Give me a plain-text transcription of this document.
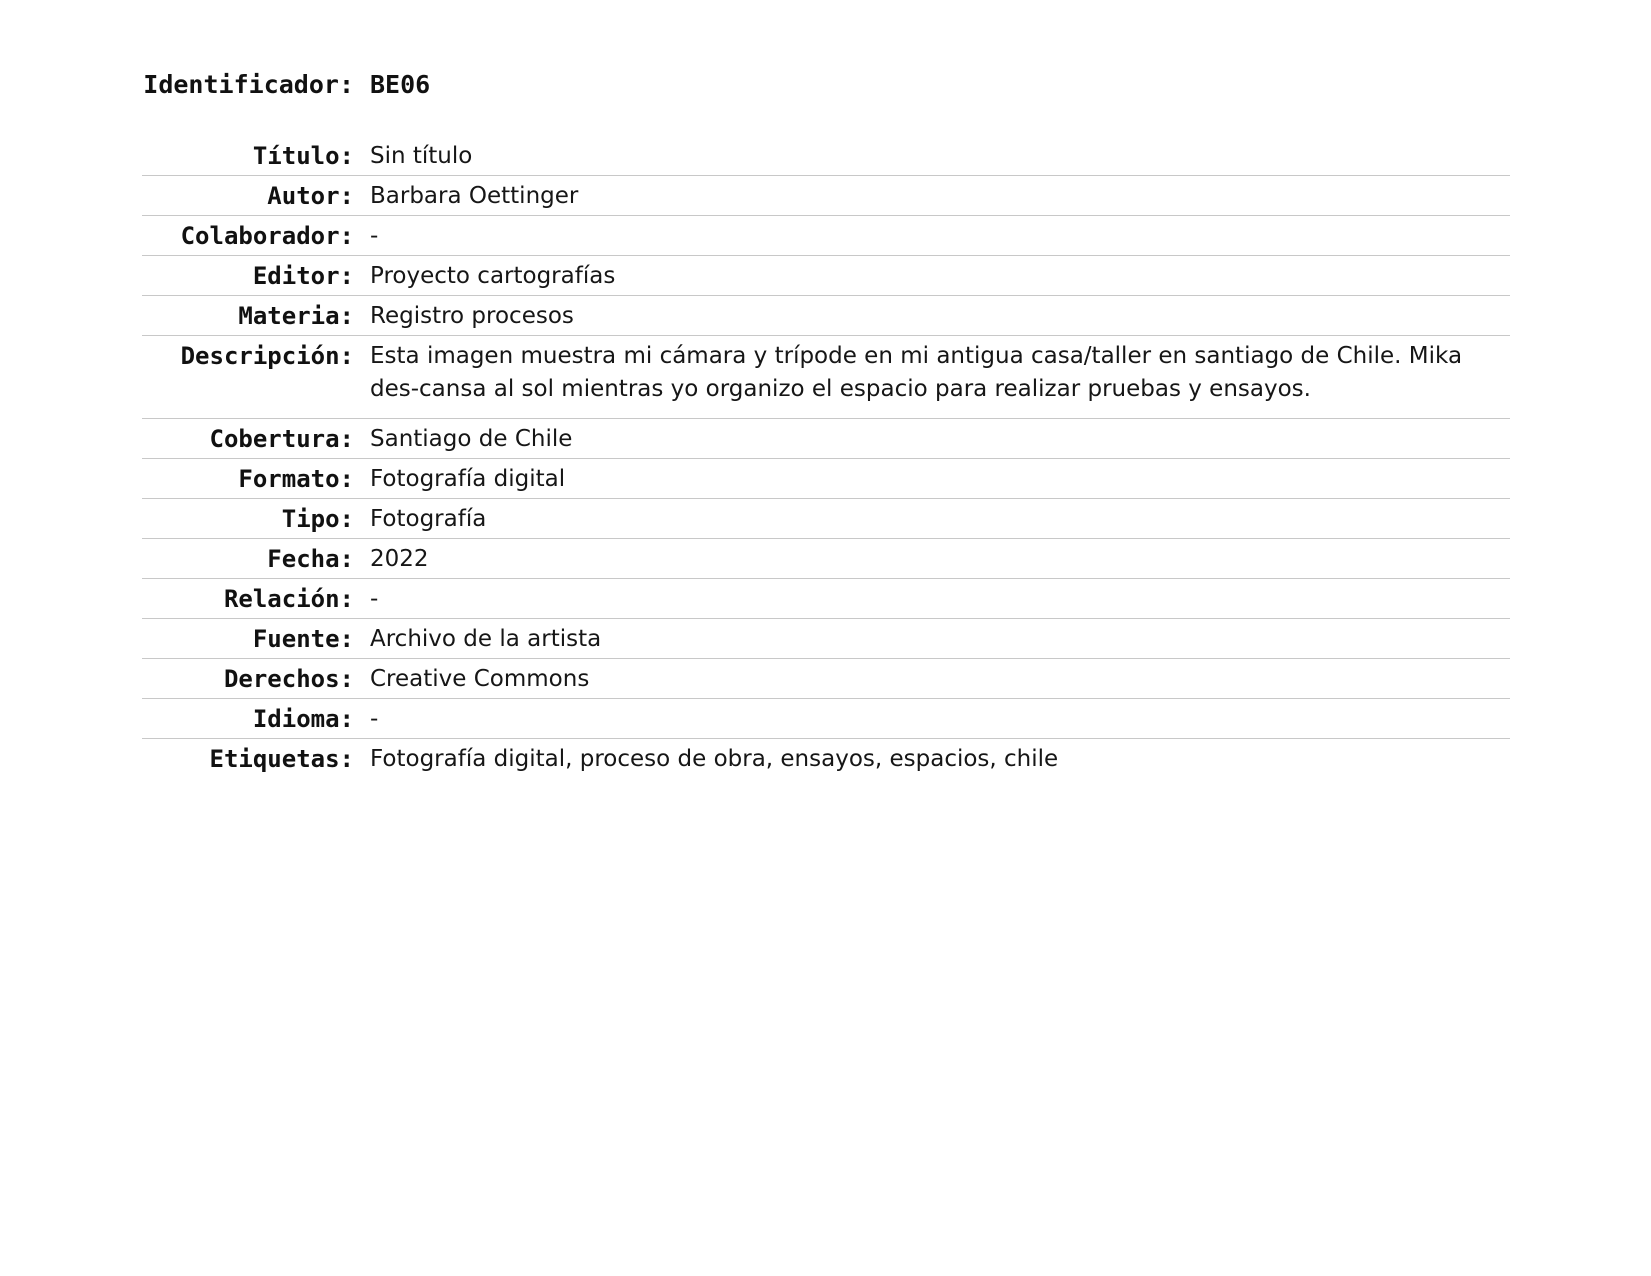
Identificador: BE06
Título: Sin título
Autor: Barbara Oettinger
Colaborador: -
Editor: Proyecto cartografías
Materia: Registro procesos
Descripción: Esta imagen muestra mi cámara y trípode en mi antigua casa/taller en santiago de Chile. Mika des-cansa al sol mientras yo organizo el espacio para realizar pruebas y ensayos.
Cobertura: Santiago de Chile
Formato: Fotografía digital
Tipo: Fotografía
Fecha: 2022
Relación: -
Fuente: Archivo de la artista
Derechos: Creative Commons
Idioma: -
Etiquetas: Fotografía digital, proceso de obra, ensayos, espacios, chile
